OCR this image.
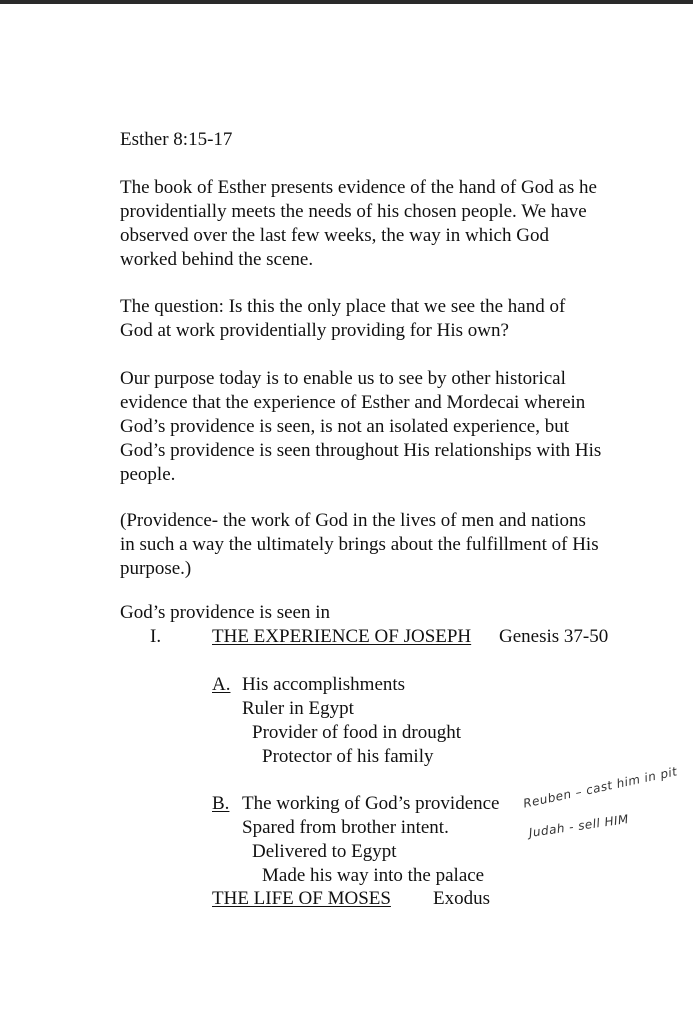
Esther 8:15-17
The book of Esther presents evidence of the hand of God as he
providentially meets the needs of his chosen people. We have
observed over the last few weeks, the way in which God
worked behind the scene.
The question: Is this the only place that we see the hand of
God at work providentially providing for His own?
Our purpose today is to enable us to see by other historical
evidence that the experience of Esther and Mordecai wherein
God’s providence is seen, is not an isolated experience, but
God’s providence is seen throughout His relationships with His
people.
(Providence- the work of God in the lives of men and nations
in such a way the ultimately brings about the fulfillment of His
purpose.)
God’s providence is seen in
I.	THE EXPERIENCE OF JOSEPH Genesis 37-50
A. His accomplishments
Ruler in Egypt
Provider of food in drought
Protector of his family
B. The working of God’s providence
Spared from brother intent.
Delivered to Egypt
Made his way into the palace
THE LIFE OF MOSES Exodus
Reuben – cast him in pit
Judah - sell HIM
